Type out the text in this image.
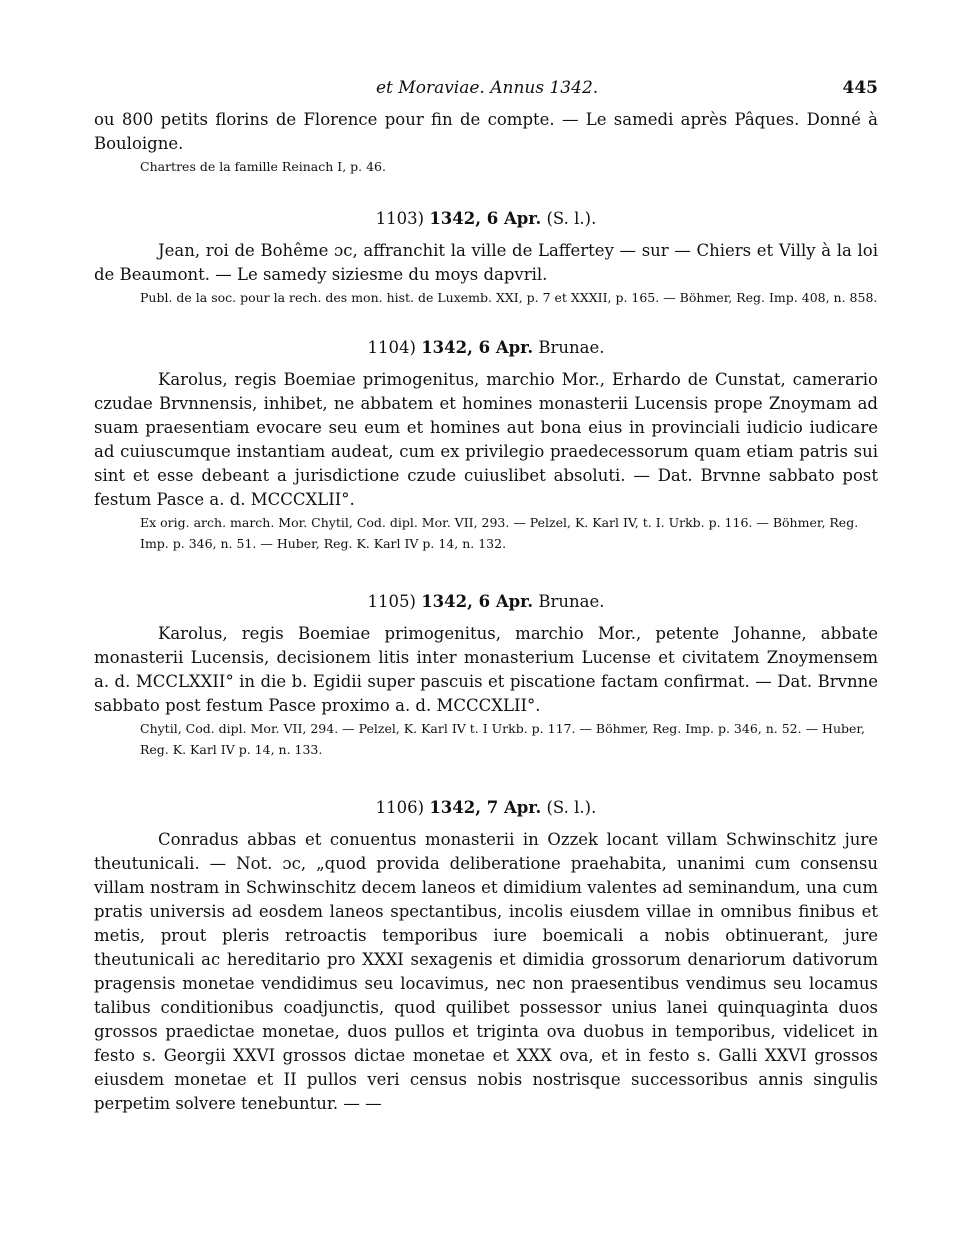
et Moraviae. Annus 1342.	445

ou 800 petits florins de Florence pour fin de compte. — Le samedi après Pâques. Donné à Bouloigne.

Chartres de la famille Reinach I, p. 46.

1103) 1342, 6 Apr. (S. l.).

Jean, roi de Bohême ɔc, affranchit la ville de Laffertey — sur — Chiers et Villy à la loi de Beaumont. — Le samedy siziesme du moys dapvril.

Publ. de la soc. pour la rech. des mon. hist. de Luxemb. XXI, p. 7 et XXXII, p. 165. — Böhmer, Reg. Imp. 408, n. 858.

1104) 1342, 6 Apr. Brunae.

Karolus, regis Boemiae primogenitus, marchio Mor., Erhardo de Cunstat, camerario czudae Brvnnensis, inhibet, ne abbatem et homines monasterii Lucensis prope Znoymam ad suam praesentiam evocare seu eum et homines aut bona eius in provinciali iudicio iudicare ad cuiuscumque instantiam audeat, cum ex privilegio praedecessorum quam etiam patris sui sint et esse debeant a jurisdictione czude cuiuslibet absoluti. — Dat. Brvnne sabbato post festum Pasce a. d. MCCCXLII°.

Ex orig. arch. march. Mor. Chytil, Cod. dipl. Mor. VII, 293. — Pelzel, K. Karl IV, t. I. Urkb. p. 116. — Böhmer, Reg. Imp. p. 346, n. 51. — Huber, Reg. K. Karl IV p. 14, n. 132.

1105) 1342, 6 Apr. Brunae.

Karolus, regis Boemiae primogenitus, marchio Mor., petente Johanne, abbate monasterii Lucensis, decisionem litis inter monasterium Lucense et civitatem Znoymensem a. d. MCCLXXII° in die b. Egidii super pascuis et piscatione factam confirmat. — Dat. Brvnne sabbato post festum Pasce proximo a. d. MCCCXLII°.

Chytil, Cod. dipl. Mor. VII, 294. — Pelzel, K. Karl IV t. I Urkb. p. 117. — Böhmer, Reg. Imp. p. 346, n. 52. — Huber, Reg. K. Karl IV p. 14, n. 133.

1106) 1342, 7 Apr. (S. l.).

Conradus abbas et conuentus monasterii in Ozzek locant villam Schwinschitz jure theutunicali. — Not. ɔc, „quod provida deliberatione praehabita, unanimi cum consensu villam nostram in Schwinschitz decem laneos et dimidium valentes ad seminandum, una cum pratis universis ad eosdem laneos spectantibus, incolis eiusdem villae in omnibus finibus et metis, prout pleris retroactis temporibus iure boemicali a nobis obtinuerant, jure theutunicali ac hereditario pro XXXI sexagenis et dimidia grossorum denariorum dativorum pragensis monetae vendidimus seu locavimus, nec non praesentibus vendimus seu locamus talibus conditionibus coadjunctis, quod quilibet possessor unius lanei quinquaginta duos grossos praedictae monetae, duos pullos et triginta ova duobus in temporibus, videlicet in festo s. Georgii XXVI grossos dictae monetae et XXX ova, et in festo s. Galli XXVI grossos eiusdem monetae et II pullos veri census nobis nostrisque successoribus annis singulis perpetim solvere tenebuntur. — —
